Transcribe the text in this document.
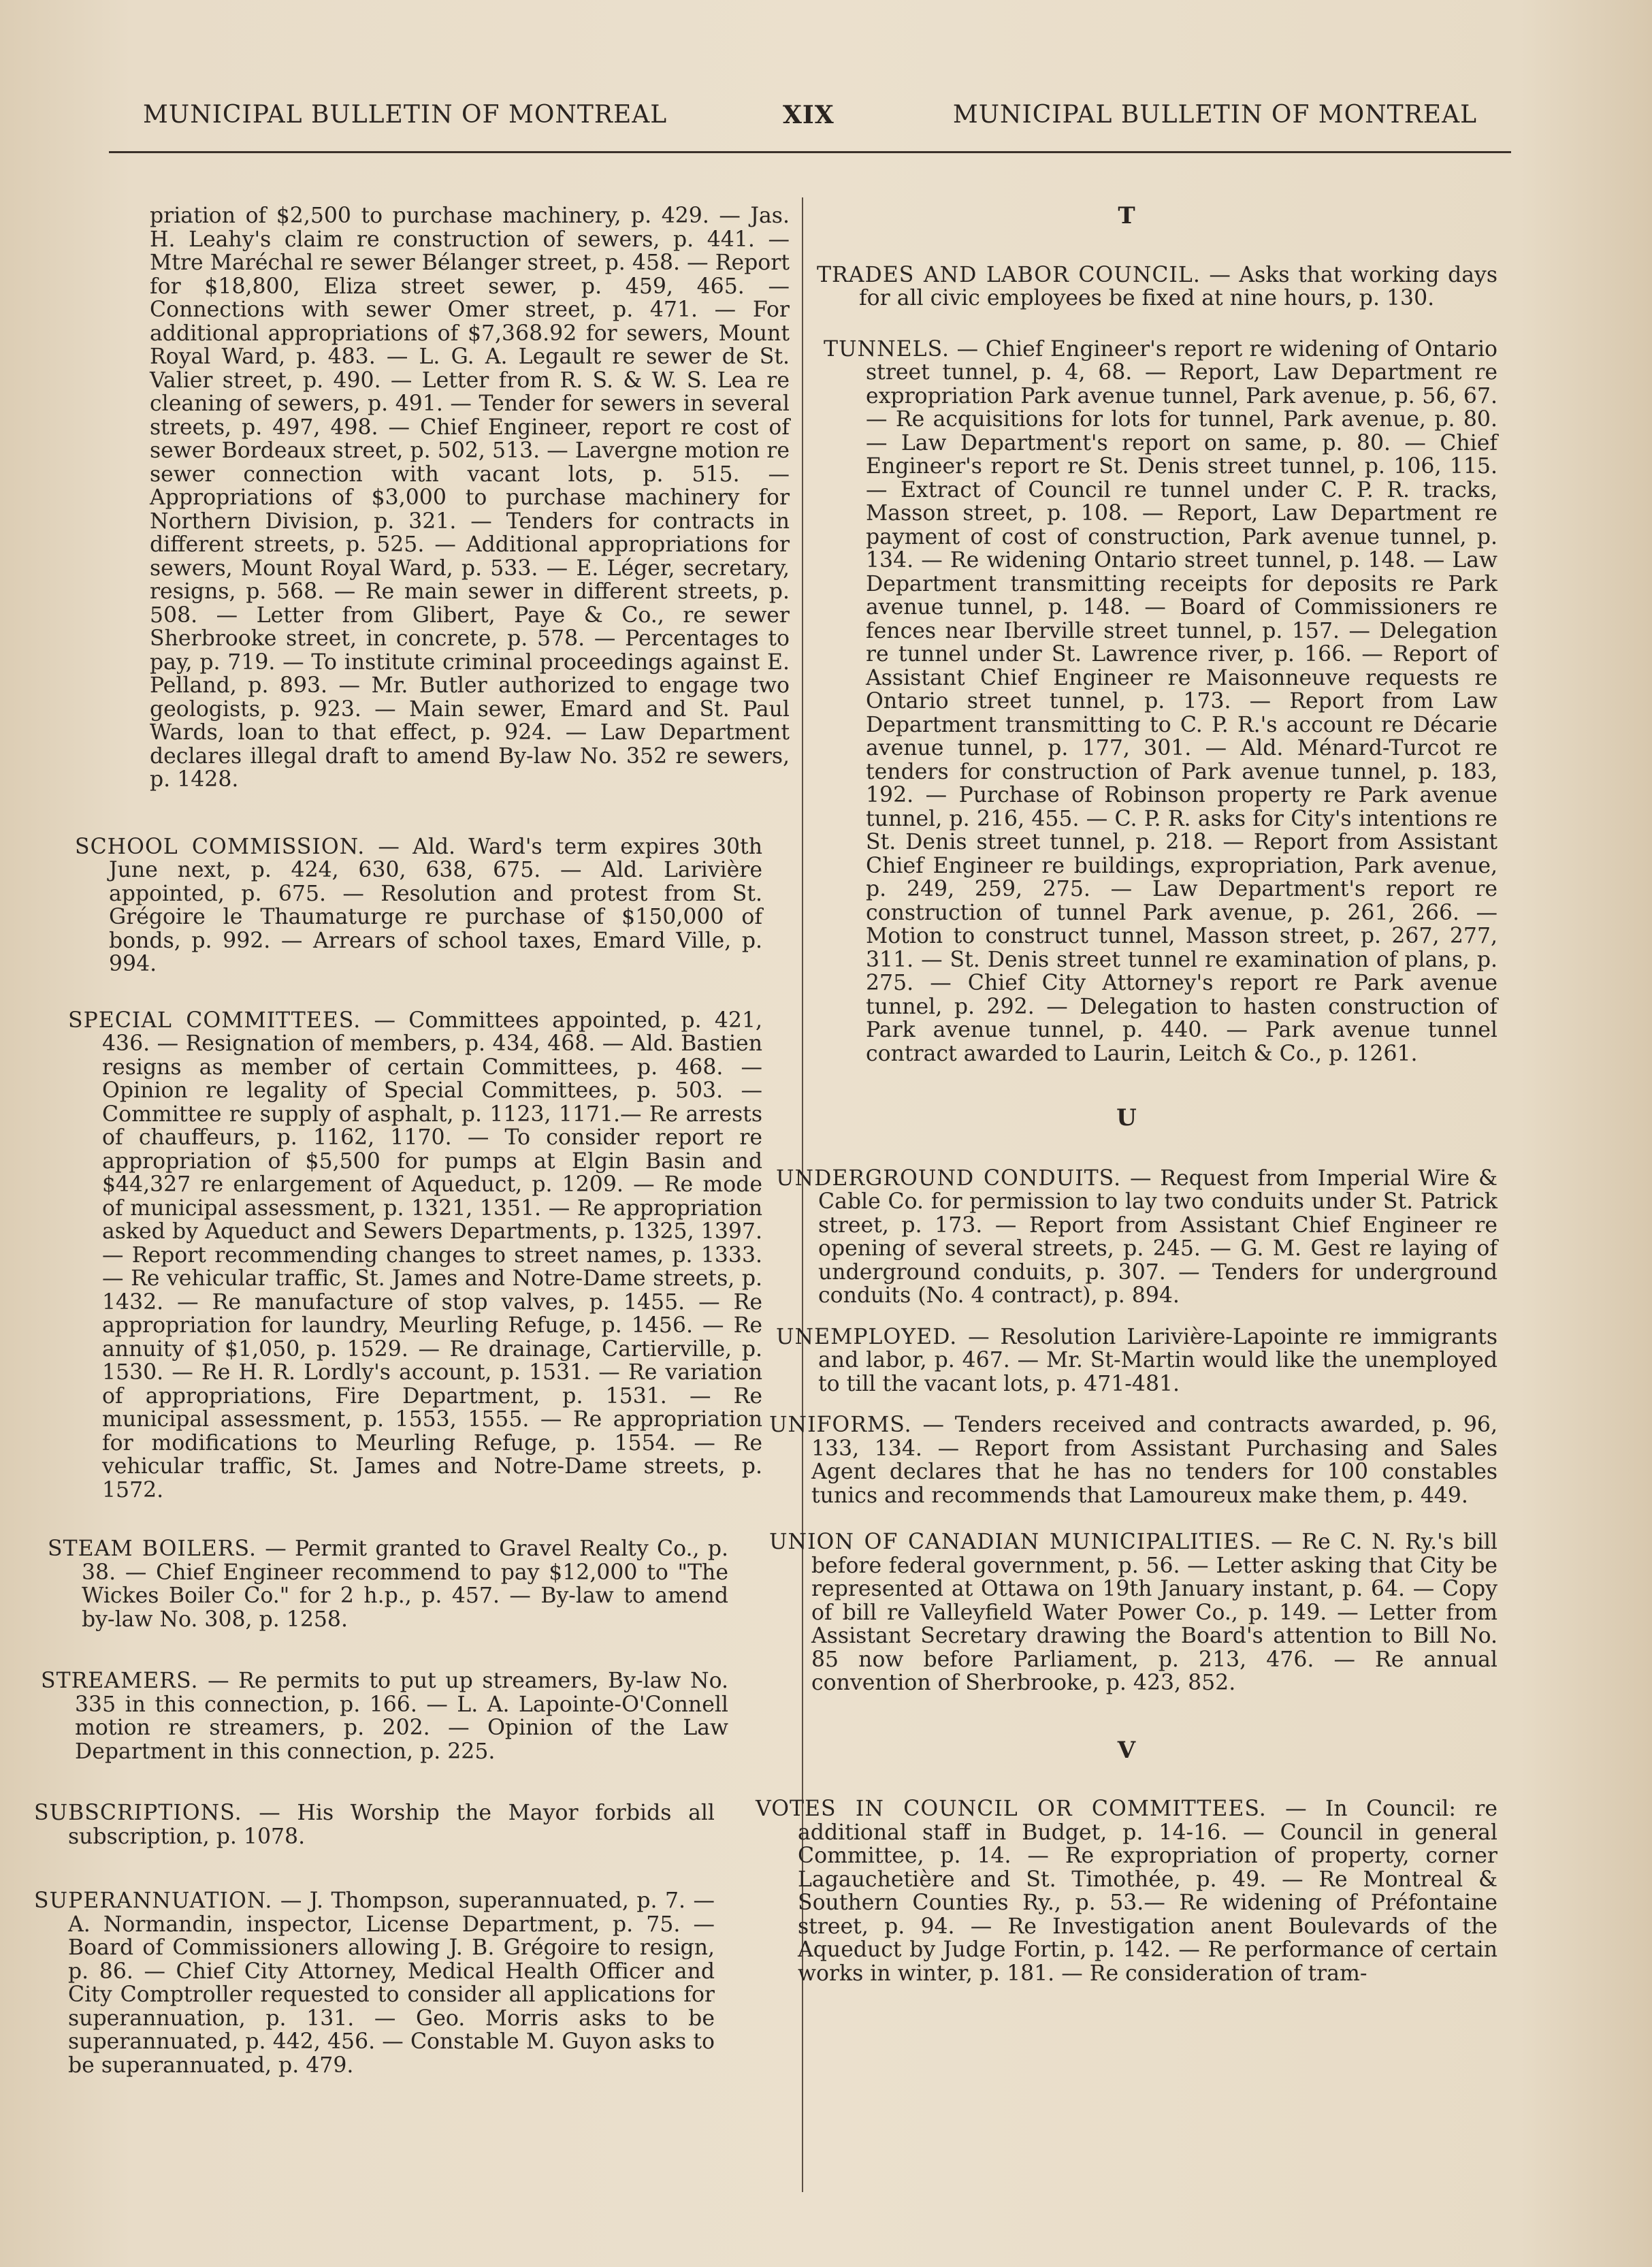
MUNICIPAL BULLETIN OF MONTREAL	XIX	MUNICIPAL BULLETIN OF MONTREAL
priation of $2,500 to purchase machinery, p. 429. — Jas. H. Leahy's claim re construction of sewers, p. 441. — Mtre Maréchal re sewer Bélanger street, p. 458. — Report for $18,800, Eliza street sewer, p. 459, 465. — Connections with sewer Omer street, p. 471. — For additional appropriations of $7,368.92 for sewers, Mount Royal Ward, p. 483. — L. G. A. Legault re sewer de St. Valier street, p. 490. — Letter from R. S. & W. S. Lea re cleaning of sewers, p. 491. — Tender for sewers in several streets, p. 497, 498. — Chief Engineer, report re cost of sewer Bordeaux street, p. 502, 513. — Lavergne motion re sewer connection with vacant lots, p. 515. — Appropriations of $3,000 to purchase machinery for Northern Division, p. 321. — Tenders for contracts in different streets, p. 525. — Additional appropriations for sewers, Mount Royal Ward, p. 533. — E. Léger, secretary, resigns, p. 568. — Re main sewer in different streets, p. 508. — Letter from Glibert, Paye & Co., re sewer Sherbrooke street, in concrete, p. 578. — Percentages to pay, p. 719. — To institute criminal proceedings against E. Pelland, p. 893. — Mr. Butler authorized to engage two geologists, p. 923. — Main sewer, Emard and St. Paul Wards, loan to that effect, p. 924. — Law Department declares illegal draft to amend By-law No. 352 re sewers, p. 1428.
SCHOOL COMMISSION. — Ald. Ward's term expires 30th June next, p. 424, 630, 638, 675. — Ald. Larivière appointed, p. 675. — Resolution and protest from St. Grégoire le Thaumaturge re purchase of $150,000 of bonds, p. 992. — Arrears of school taxes, Emard Ville, p. 994.
SPECIAL COMMITTEES. — Committees appointed, p. 421, 436. — Resignation of members, p. 434, 468. — Ald. Bastien resigns as member of certain Committees, p. 468. — Opinion re legality of Special Committees, p. 503. — Committee re supply of asphalt, p. 1123, 1171.— Re arrests of chauffeurs, p. 1162, 1170. — To consider report re appropriation of $5,500 for pumps at Elgin Basin and $44,327 re enlargement of Aqueduct, p. 1209. — Re mode of municipal assessment, p. 1321, 1351. — Re appropriation asked by Aqueduct and Sewers Departments, p. 1325, 1397. — Report recommending changes to street names, p. 1333. — Re vehicular traffic, St. James and Notre-Dame streets, p. 1432. — Re manufacture of stop valves, p. 1455. — Re appropriation for laundry, Meurling Refuge, p. 1456. — Re annuity of $1,050, p. 1529. — Re drainage, Cartierville, p. 1530. — Re H. R. Lordly's account, p. 1531. — Re variation of appropriations, Fire Department, p. 1531. — Re municipal assessment, p. 1553, 1555. — Re appropriation for modifications to Meurling Refuge, p. 1554. — Re vehicular traffic, St. James and Notre-Dame streets, p. 1572.
STEAM BOILERS. — Permit granted to Gravel Realty Co., p. 38. — Chief Engineer recommend to pay $12,000 to "The Wickes Boiler Co." for 2 h.p., p. 457. — By-law to amend by-law No. 308, p. 1258.
STREAMERS. — Re permits to put up streamers, By-law No. 335 in this connection, p. 166. — L. A. Lapointe-O'Connell motion re streamers, p. 202. — Opinion of the Law Department in this connection, p. 225.
SUBSCRIPTIONS. — His Worship the Mayor forbids all subscription, p. 1078.
SUPERANNUATION. — J. Thompson, superannuated, p. 7. — A. Normandin, inspector, License Department, p. 75. — Board of Commissioners allowing J. B. Grégoire to resign, p. 86. — Chief City Attorney, Medical Health Officer and City Comptroller requested to consider all applications for superannuation, p. 131. — Geo. Morris asks to be superannuated, p. 442, 456. — Constable M. Guyon asks to be superannuated, p. 479.
T
TRADES AND LABOR COUNCIL. — Asks that working days for all civic employees be fixed at nine hours, p. 130.
TUNNELS. — Chief Engineer's report re widening of Ontario street tunnel, p. 4, 68. — Report, Law Department re expropriation Park avenue tunnel, Park avenue, p. 56, 67. — Re acquisitions for lots for tunnel, Park avenue, p. 80. — Law Department's report on same, p. 80. — Chief Engineer's report re St. Denis street tunnel, p. 106, 115. — Extract of Council re tunnel under C. P. R. tracks, Masson street, p. 108. — Report, Law Department re payment of cost of construction, Park avenue tunnel, p. 134. — Re widening Ontario street tunnel, p. 148. — Law Department transmitting receipts for deposits re Park avenue tunnel, p. 148. — Board of Commissioners re fences near Iberville street tunnel, p. 157. — Delegation re tunnel under St. Lawrence river, p. 166. — Report of Assistant Chief Engineer re Maisonneuve requests re Ontario street tunnel, p. 173. — Report from Law Department transmitting to C. P. R.'s account re Décarie avenue tunnel, p. 177, 301. — Ald. Ménard-Turcot re tenders for construction of Park avenue tunnel, p. 183, 192. — Purchase of Robinson property re Park avenue tunnel, p. 216, 455. — C. P. R. asks for City's intentions re St. Denis street tunnel, p. 218. — Report from Assistant Chief Engineer re buildings, expropriation, Park avenue, p. 249, 259, 275. — Law Department's report re construction of tunnel Park avenue, p. 261, 266. — Motion to construct tunnel, Masson street, p. 267, 277, 311. — St. Denis street tunnel re examination of plans, p. 275. — Chief City Attorney's report re Park avenue tunnel, p. 292. — Delegation to hasten construction of Park avenue tunnel, p. 440. — Park avenue tunnel contract awarded to Laurin, Leitch & Co., p. 1261.
U
UNDERGROUND CONDUITS. — Request from Imperial Wire & Cable Co. for permission to lay two conduits under St. Patrick street, p. 173. — Report from Assistant Chief Engineer re opening of several streets, p. 245. — G. M. Gest re laying of underground conduits, p. 307. — Tenders for underground conduits (No. 4 contract), p. 894.
UNEMPLOYED. — Resolution Larivière-Lapointe re immigrants and labor, p. 467. — Mr. St-Martin would like the unemployed to till the vacant lots, p. 471-481.
UNIFORMS. — Tenders received and contracts awarded, p. 96, 133, 134. — Report from Assistant Purchasing and Sales Agent declares that he has no tenders for 100 constables tunics and recommends that Lamoureux make them, p. 449.
UNION OF CANADIAN MUNICIPALITIES. — Re C. N. Ry.'s bill before federal government, p. 56. — Letter asking that City be represented at Ottawa on 19th January instant, p. 64. — Copy of bill re Valleyfield Water Power Co., p. 149. — Letter from Assistant Secretary drawing the Board's attention to Bill No. 85 now before Parliament, p. 213, 476. — Re annual convention of Sherbrooke, p. 423, 852.
V
VOTES IN COUNCIL OR COMMITTEES. — In Council: re additional staff in Budget, p. 14-16. — Council in general Committee, p. 14. — Re expropriation of property, corner Lagauchetière and St. Timothée, p. 49. — Re Montreal & Southern Counties Ry., p. 53.— Re widening of Préfontaine street, p. 94. — Re Investigation anent Boulevards of the Aqueduct by Judge Fortin, p. 142. — Re performance of certain works in winter, p. 181. — Re consideration of tram-
